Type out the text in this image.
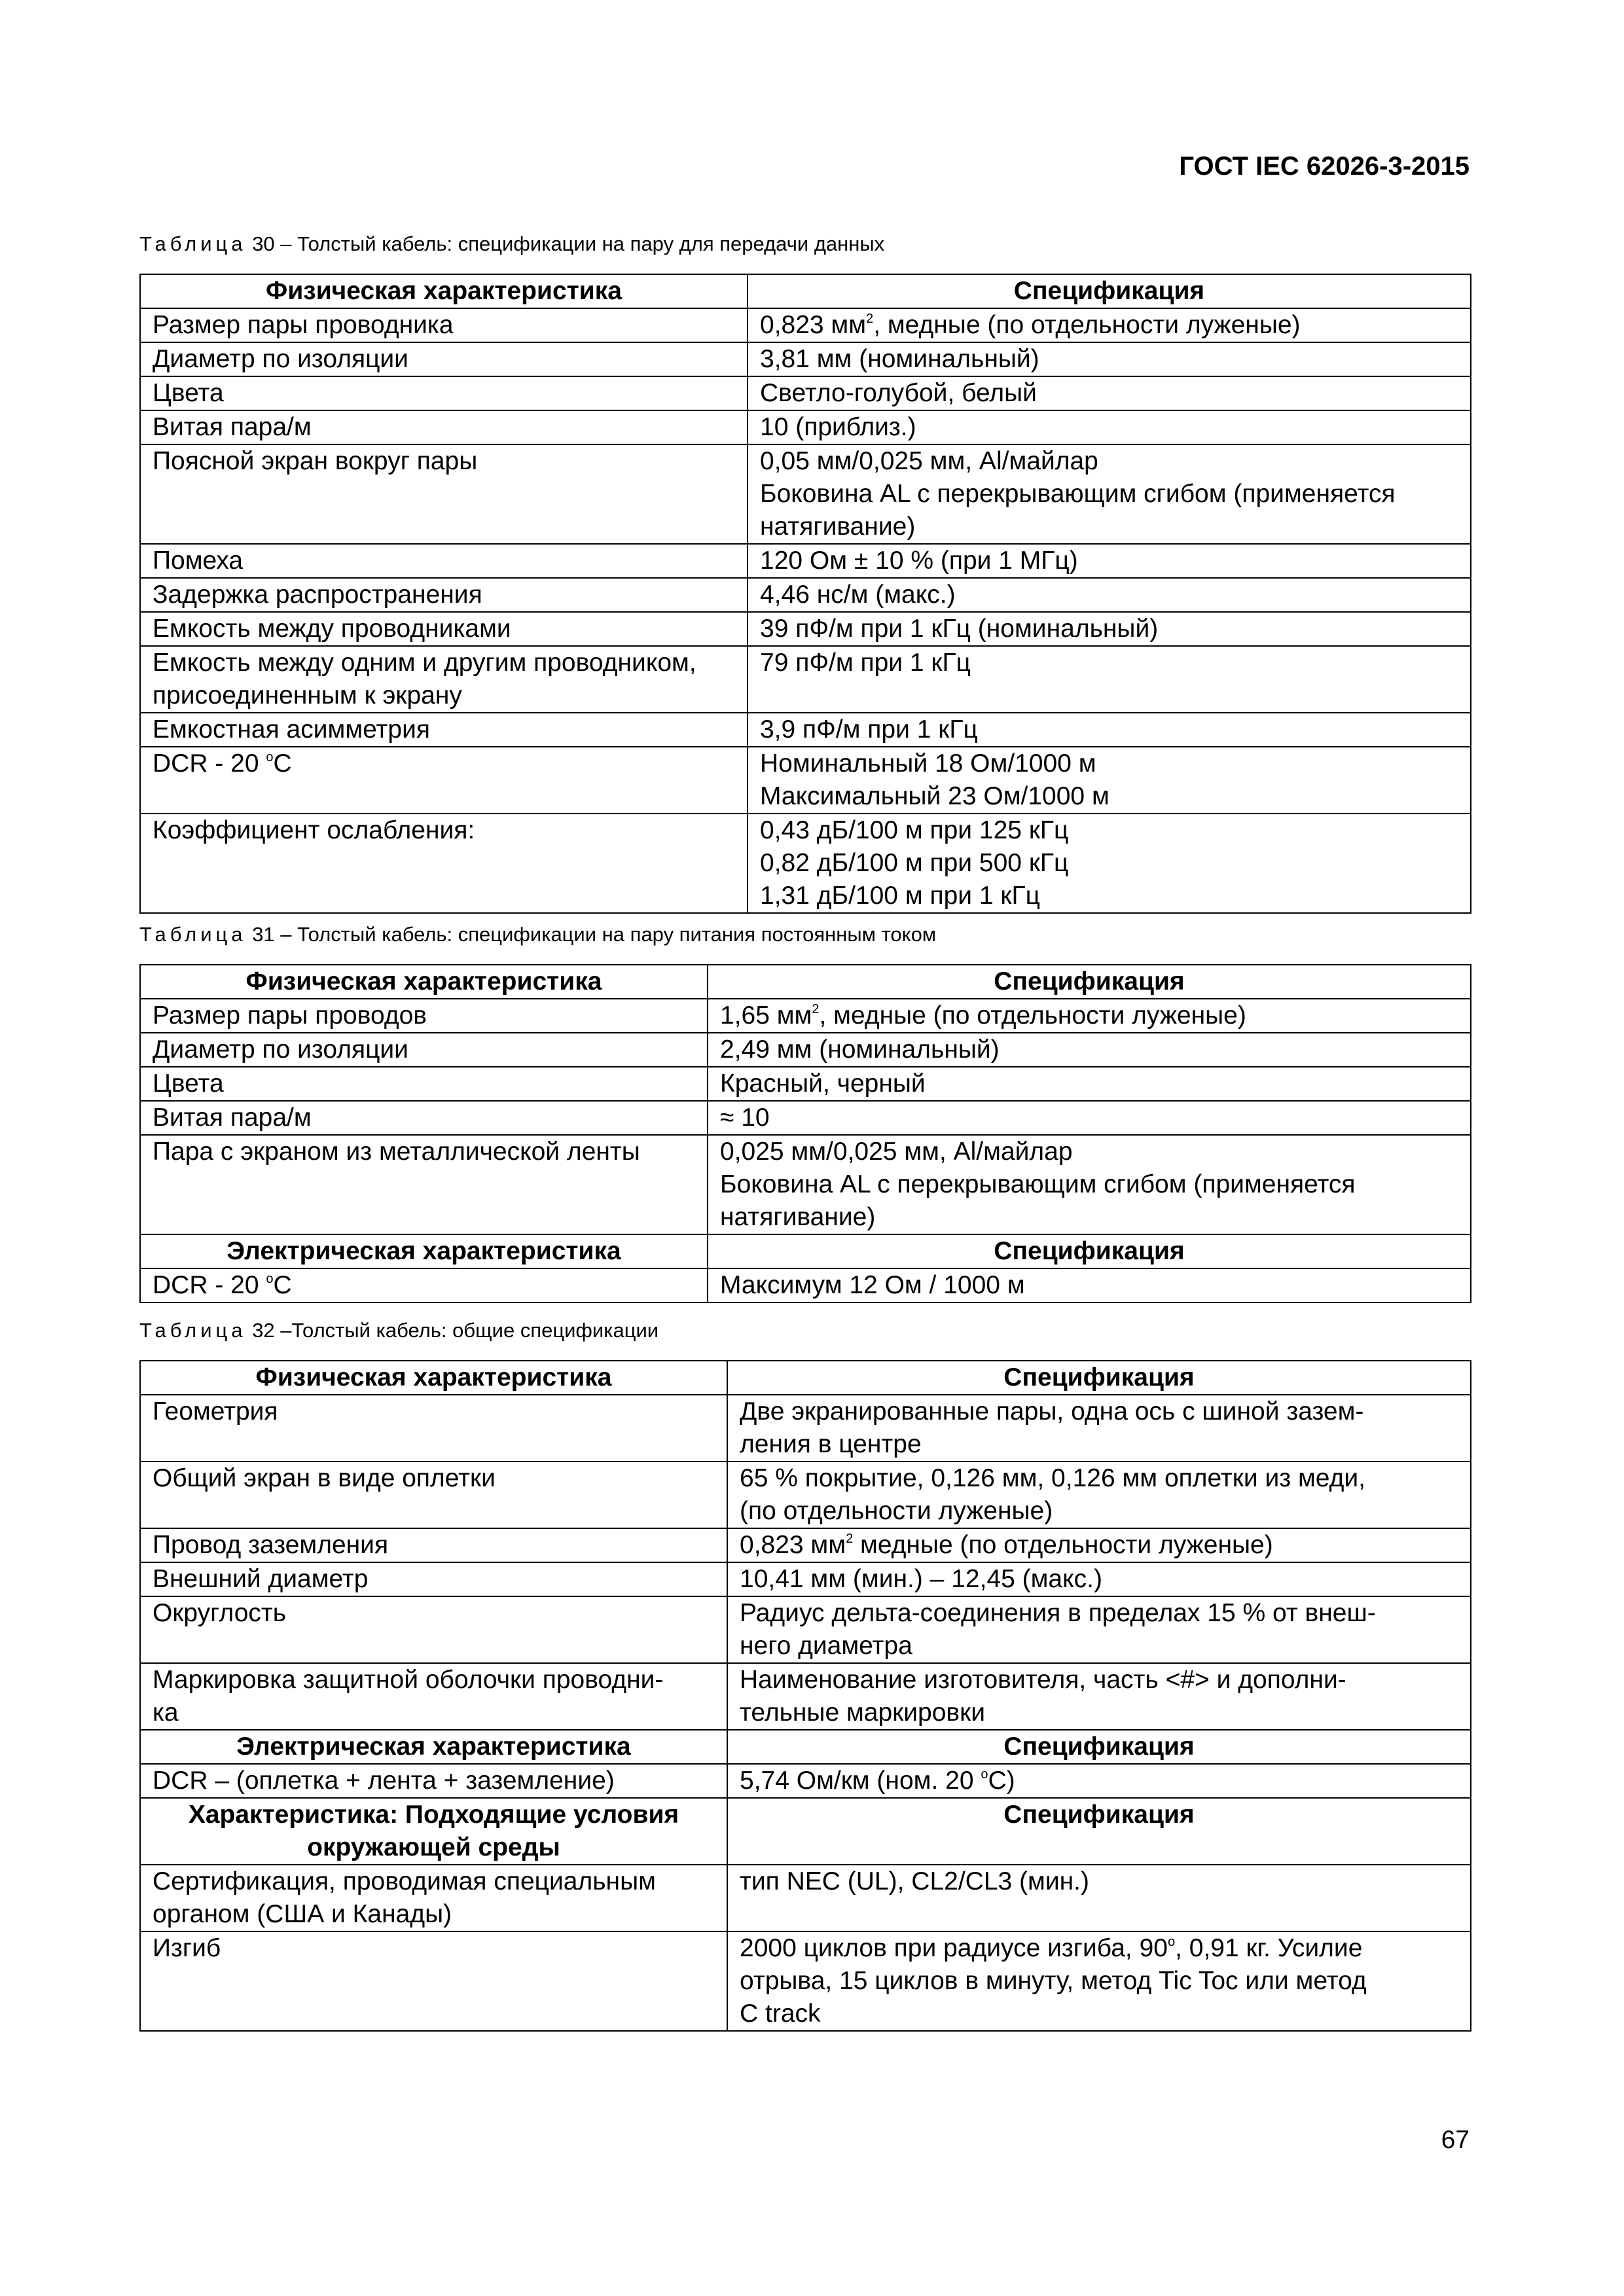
ГОСТ IEC 62026-3-2015

Таблица 30 – Толстый кабель: спецификации на пару для передачи данных

Физическая характеристика	Спецификация

Размер пары проводника	0,823 $мм^2$, медные (по отдельности луженые)

Диаметр по изоляции	3,81 мм (номинальный)

Цвета	Светло-голубой, белый

Витая пара/м	10 (приблиз.)

Поясной экран вокруг пары	0,05 мм/0,025 мм, Al/майлар
Боковина AL с перекрывающим сгибом (применяется
натягивание)

Помеха	120 Ом ± 10 % (при 1 МГц)

Задержка распространения	4,46 нс/м (макс.)

Емкость между проводниками	39 пФ/м при 1 кГц (номинальный)

Емкость между одним и другим проводником,
присоединенным к экрану	79 пФ/м при 1 кГц

Емкостная асимметрия	3,9 пФ/м при 1 кГц

DCR - 20 $^o$C	Номинальный 18 Ом/1000 м
Максимальный 23 Ом/1000 м

Коэффициент ослабления:	0,43 дБ/100 м при 125 кГц
0,82 дБ/100 м при 500 кГц
1,31 дБ/100 м при 1 кГц

Таблица 31 – Толстый кабель: спецификации на пару питания постоянным током

Физическая характеристика	Спецификация

Размер пары проводов	1,65 $мм^2$, медные (по отдельности луженые)

Диаметр по изоляции	2,49 мм (номинальный)

Цвета	Красный, черный

Витая пара/м	≈ 10

Пара с экраном из металлической ленты	0,025 мм/0,025 мм, Al/майлар
Боковина AL с перекрывающим сгибом (применяется
натягивание)

Электрическая характеристика	Спецификация

DCR - 20 $^o$C	Максимум 12 Ом / 1000 м

Таблица 32 –Толстый кабель: общие спецификации

Физическая характеристика	Спецификация

Геометрия	Две экранированные пары, одна ось с шиной зазем-
ления в центре

Общий экран в виде оплетки	65 % покрытие, 0,126 мм, 0,126 мм оплетки из меди,
(по отдельности луженые)

Провод заземления	0,823 $мм^2$ медные (по отдельности луженые)

Внешний диаметр	10,41 мм (мин.) – 12,45 (макс.)

Округлость	Радиус дельта-соединения в пределах 15 % от внеш-
него диаметра

Маркировка защитной оболочки проводни-
ка	Наименование изготовителя, часть <#> и дополни-
тельные маркировки

Электрическая характеристика	Спецификация

DCR – (оплетка + лента + заземление)	5,74 Ом/км (ном. 20 $^o$C)

Характеристика: Подходящие условия
окружающей среды	Спецификация

Сертификация, проводимая специальным
органом (США и Канады)	тип NEC (UL), CL2/CL3 (мин.)

Изгиб	2000 циклов при радиусе изгиба, 90$^o$, 0,91 кг. Усилие
отрыва, 15 циклов в минуту, метод Tic Toc или метод
C track

67
